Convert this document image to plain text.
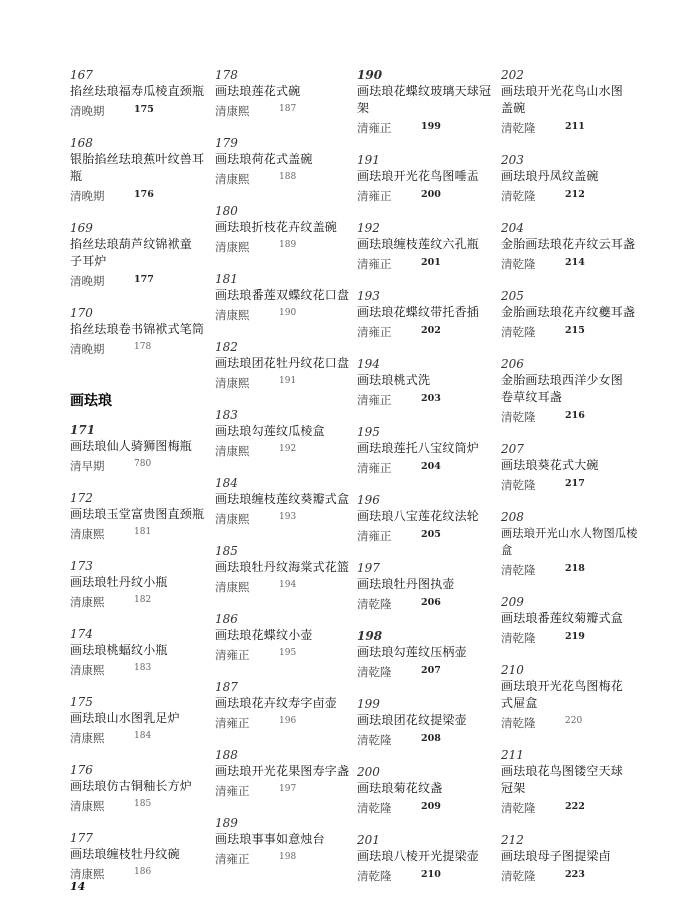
167
掐丝珐琅福寿瓜棱直颈瓶
清晚期	175
168
银胎掐丝珐琅蕉叶纹兽耳瓶
清晚期	176
169
掐丝珐琅葫芦纹锦袱童子耳炉
清晚期	177
170
掐丝珐琅卷书锦袱式笔筒
清晚期	178
画珐琅
171
画珐琅仙人骑狮图梅瓶
清早期	780
172
画珐琅玉堂富贵图直颈瓶
清康熙	181
173
画珐琅牡丹纹小瓶
清康熙	182
174
画珐琅桃蝠纹小瓶
清康熙	183
175
画珐琅山水图乳足炉
清康熙	184
176
画珐琅仿古铜釉长方炉
清康熙	185
177
画珐琅缠枝牡丹纹碗
清康熙	186
178
画珐琅莲花式碗
清康熙	187
179
画珐琅荷花式盖碗
清康熙	188
180
画珐琅折枝花卉纹盖碗
清康熙	189
181
画珐琅番莲双蝶纹花口盘
清康熙	190
182
画珐琅团花牡丹纹花口盘
清康熙	191
183
画珐琅勾莲纹瓜棱盒
清康熙	192
184
画珐琅缠枝莲纹葵瓣式盒
清康熙	193
185
画珐琅牡丹纹海棠式花篮
清康熙	194
186
画珐琅花蝶纹小壶
清雍正	195
187
画珐琅花卉纹寿字卣壶
清雍正	196
188
画珐琅开光花果图寿字盏
清雍正	197
189
画珐琅事事如意烛台
清雍正	198
190
画珐琅花蝶纹玻璃天球冠架
清雍正	199
191
画珐琅开光花鸟图唾盂
清雍正	200
192
画珐琅缠枝莲纹六孔瓶
清雍正	201
193
画珐琅花蝶纹带托香插
清雍正	202
194
画珐琅桃式洗
清雍正	203
195
画珐琅莲托八宝纹筒炉
清雍正	204
196
画珐琅八宝莲花纹法轮
清雍正	205
197
画珐琅牡丹图执壶
清乾隆	206
198
画珐琅勾莲纹压柄壶
清乾隆	207
199
画珐琅团花纹提梁壶
清乾隆	208
200
画珐琅菊花纹盏
清乾隆	209
201
画珐琅八棱开光提梁壶
清乾隆	210
202
画珐琅开光花鸟山水图盖碗
清乾隆	211
203
画珐琅丹凤纹盖碗
清乾隆	212
204
金胎画珐琅花卉纹云耳盏
清乾隆	214
205
金胎画珐琅花卉纹夔耳盏
清乾隆	215
206
金胎画珐琅西洋少女图卷草纹耳盏
清乾隆	216
207
画珐琅葵花式大碗
清乾隆	217
208
画珐琅开光山水人物图瓜棱盒
清乾隆	218
209
画珐琅番莲纹菊瓣式盒
清乾隆	219
210
画珐琅开光花鸟图梅花式屉盒
清乾隆	220
211
画珐琅花鸟图镂空天球冠架
清乾隆	222
212
画珐琅母子图提梁卣
清乾隆	223
14
